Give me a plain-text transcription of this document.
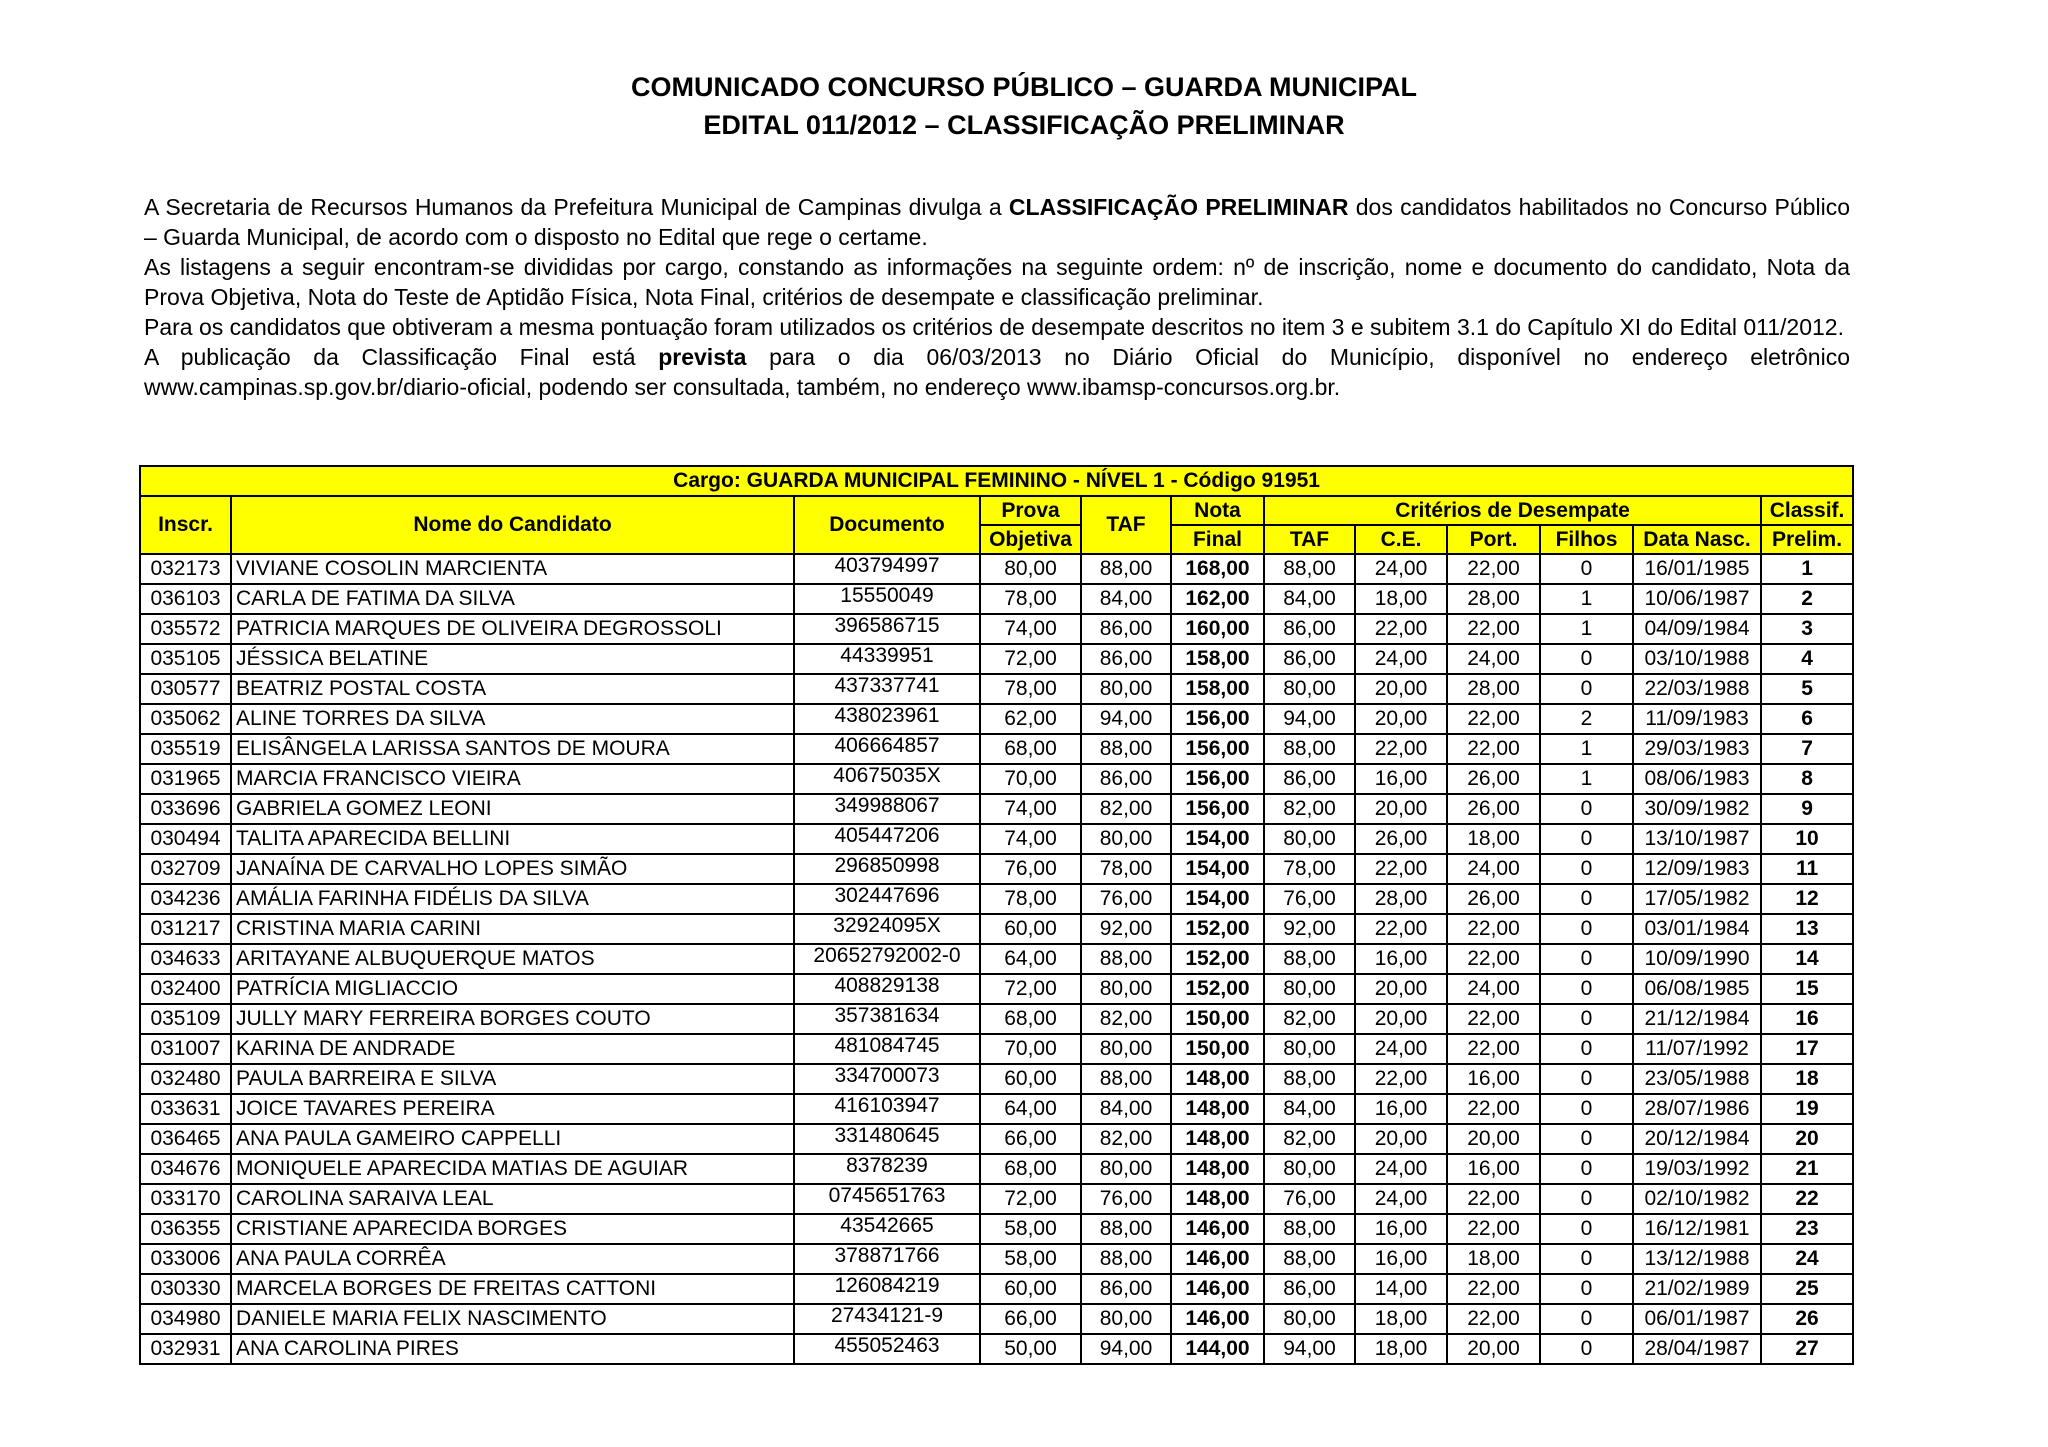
COMUNICADO CONCURSO PÚBLICO – GUARDA MUNICIPAL
EDITAL 011/2012 – CLASSIFICAÇÃO PRELIMINAR

A Secretaria de Recursos Humanos da Prefeitura Municipal de Campinas divulga a CLASSIFICAÇÃO PRELIMINAR dos candidatos habilitados no Concurso Público – Guarda Municipal, de acordo com o disposto no Edital que rege o certame.

As listagens a seguir encontram-se divididas por cargo, constando as informações na seguinte ordem: nº de inscrição, nome e documento do candidato, Nota da Prova Objetiva, Nota do Teste de Aptidão Física, Nota Final, critérios de desempate e classificação preliminar.

Para os candidatos que obtiveram a mesma pontuação foram utilizados os critérios de desempate descritos no item 3 e subitem 3.1 do Capítulo XI do Edital 011/2012.

A publicação da Classificação Final está prevista para o dia 06/03/2013 no Diário Oficial do Município, disponível no endereço eletrônico www.campinas.sp.gov.br/diario-oficial, podendo ser consultada, também, no endereço www.ibamsp-concursos.org.br.

Cargo: GUARDA MUNICIPAL FEMININO - NÍVEL 1 - Código 91951											
Inscr.	Nome do Candidato	Documento	Prova	TAF	Nota	Critérios de Desempate					Classif.
			Objetiva		Final	TAF	C.E.	Port.	Filhos	Data Nasc.	Prelim.
032173	VIVIANE COSOLIN MARCIENTA	403794997	80,00	88,00	168,00	88,00	24,00	22,00	0	16/01/1985	1
036103	CARLA DE FATIMA DA SILVA	15550049	78,00	84,00	162,00	84,00	18,00	28,00	1	10/06/1987	2
035572	PATRICIA MARQUES DE OLIVEIRA DEGROSSOLI	396586715	74,00	86,00	160,00	86,00	22,00	22,00	1	04/09/1984	3
035105	JÉSSICA BELATINE	44339951	72,00	86,00	158,00	86,00	24,00	24,00	0	03/10/1988	4
030577	BEATRIZ POSTAL COSTA	437337741	78,00	80,00	158,00	80,00	20,00	28,00	0	22/03/1988	5
035062	ALINE TORRES DA SILVA	438023961	62,00	94,00	156,00	94,00	20,00	22,00	2	11/09/1983	6
035519	ELISÂNGELA LARISSA SANTOS DE MOURA	406664857	68,00	88,00	156,00	88,00	22,00	22,00	1	29/03/1983	7
031965	MARCIA FRANCISCO VIEIRA	40675035X	70,00	86,00	156,00	86,00	16,00	26,00	1	08/06/1983	8
033696	GABRIELA GOMEZ LEONI	349988067	74,00	82,00	156,00	82,00	20,00	26,00	0	30/09/1982	9
030494	TALITA APARECIDA BELLINI	405447206	74,00	80,00	154,00	80,00	26,00	18,00	0	13/10/1987	10
032709	JANAÍNA DE CARVALHO LOPES SIMÃO	296850998	76,00	78,00	154,00	78,00	22,00	24,00	0	12/09/1983	11
034236	AMÁLIA FARINHA FIDÉLIS DA SILVA	302447696	78,00	76,00	154,00	76,00	28,00	26,00	0	17/05/1982	12
031217	CRISTINA MARIA CARINI	32924095X	60,00	92,00	152,00	92,00	22,00	22,00	0	03/01/1984	13
034633	ARITAYANE ALBUQUERQUE MATOS	20652792002-0	64,00	88,00	152,00	88,00	16,00	22,00	0	10/09/1990	14
032400	PATRÍCIA MIGLIACCIO	408829138	72,00	80,00	152,00	80,00	20,00	24,00	0	06/08/1985	15
035109	JULLY MARY FERREIRA BORGES COUTO	357381634	68,00	82,00	150,00	82,00	20,00	22,00	0	21/12/1984	16
031007	KARINA DE ANDRADE	481084745	70,00	80,00	150,00	80,00	24,00	22,00	0	11/07/1992	17
032480	PAULA BARREIRA E SILVA	334700073	60,00	88,00	148,00	88,00	22,00	16,00	0	23/05/1988	18
033631	JOICE TAVARES PEREIRA	416103947	64,00	84,00	148,00	84,00	16,00	22,00	0	28/07/1986	19
036465	ANA PAULA GAMEIRO CAPPELLI	331480645	66,00	82,00	148,00	82,00	20,00	20,00	0	20/12/1984	20
034676	MONIQUELE APARECIDA MATIAS DE AGUIAR	8378239	68,00	80,00	148,00	80,00	24,00	16,00	0	19/03/1992	21
033170	CAROLINA SARAIVA LEAL	0745651763	72,00	76,00	148,00	76,00	24,00	22,00	0	02/10/1982	22
036355	CRISTIANE APARECIDA BORGES	43542665	58,00	88,00	146,00	88,00	16,00	22,00	0	16/12/1981	23
033006	ANA PAULA CORRÊA	378871766	58,00	88,00	146,00	88,00	16,00	18,00	0	13/12/1988	24
030330	MARCELA BORGES DE FREITAS CATTONI	126084219	60,00	86,00	146,00	86,00	14,00	22,00	0	21/02/1989	25
034980	DANIELE MARIA FELIX NASCIMENTO	27434121-9	66,00	80,00	146,00	80,00	18,00	22,00	0	06/01/1987	26
032931	ANA CAROLINA PIRES	455052463	50,00	94,00	144,00	94,00	18,00	20,00	0	28/04/1987	27
